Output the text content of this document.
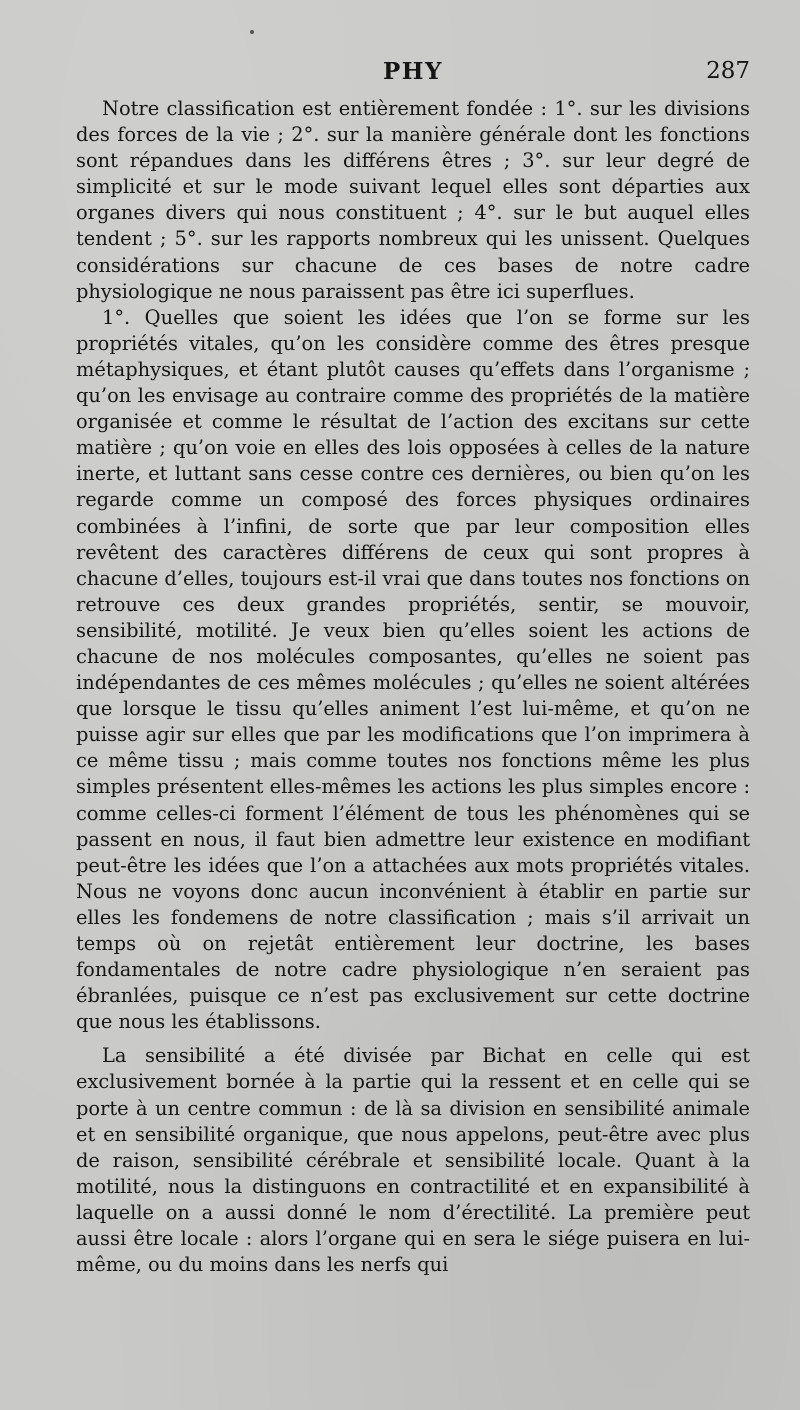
PHY	287

Notre classification est entièrement fondée : 1°. sur les divisions des forces de la vie ; 2°. sur la manière générale dont les fonctions sont répandues dans les différens êtres ; 3°. sur leur degré de simplicité et sur le mode suivant lequel elles sont départies aux organes divers qui nous constituent ; 4°. sur le but auquel elles tendent ; 5°. sur les rapports nombreux qui les unissent. Quelques considérations sur chacune de ces bases de notre cadre physiologique ne nous paraissent pas être ici superflues.

1°. Quelles que soient les idées que l’on se forme sur les propriétés vitales, qu’on les considère comme des êtres presque métaphysiques, et étant plutôt causes qu’effets dans l’organisme ; qu’on les envisage au contraire comme des propriétés de la matière organisée et comme le résultat de l’action des excitans sur cette matière ; qu’on voie en elles des lois opposées à celles de la nature inerte, et luttant sans cesse contre ces dernières, ou bien qu’on les regarde comme un composé des forces physiques ordinaires combinées à l’infini, de sorte que par leur composition elles revêtent des caractères différens de ceux qui sont propres à chacune d’elles, toujours est-il vrai que dans toutes nos fonctions on retrouve ces deux grandes propriétés, sentir, se mouvoir, sensibilité, motilité. Je veux bien qu’elles soient les actions de chacune de nos molécules composantes, qu’elles ne soient pas indépendantes de ces mêmes molécules ; qu’elles ne soient altérées que lorsque le tissu qu’elles animent l’est lui-même, et qu’on ne puisse agir sur elles que par les modifications que l’on imprimera à ce même tissu ; mais comme toutes nos fonctions même les plus simples présentent elles-mêmes les actions les plus simples encore : comme celles-ci forment l’élément de tous les phénomènes qui se passent en nous, il faut bien admettre leur existence en modifiant peut-être les idées que l’on a attachées aux mots propriétés vitales. Nous ne voyons donc aucun inconvénient à établir en partie sur elles les fondemens de notre classification ; mais s’il arrivait un temps où on rejetât entièrement leur doctrine, les bases fondamentales de notre cadre physiologique n’en seraient pas ébranlées, puisque ce n’est pas exclusivement sur cette doctrine que nous les établissons.

La sensibilité a été divisée par Bichat en celle qui est exclusivement bornée à la partie qui la ressent et en celle qui se porte à un centre commun : de là sa division en sensibilité animale et en sensibilité organique, que nous appelons, peut-être avec plus de raison, sensibilité cérébrale et sensibilité locale. Quant à la motilité, nous la distinguons en contractilité et en expansibilité à laquelle on a aussi donné le nom d’érectilité. La première peut aussi être locale : alors l’organe qui en sera le siége puisera en lui-même, ou du moins dans les nerfs qui
